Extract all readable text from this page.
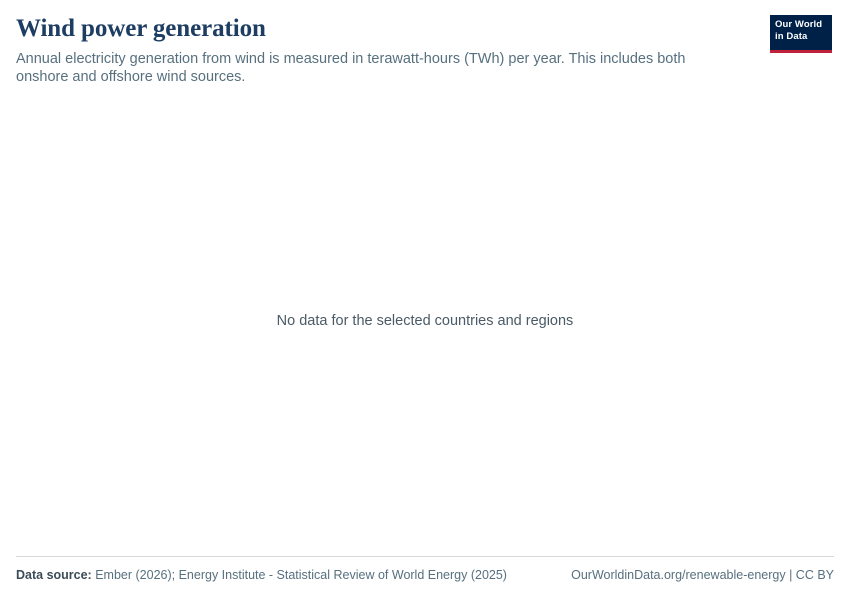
Wind power generation
Annual electricity generation from wind is measured in terawatt-hours (TWh) per year. This includes both onshore and offshore wind sources.
Our World
in Data
No data for the selected countries and regions
Data source: Ember (2026); Energy Institute - Statistical Review of World Energy (2025)	OurWorldinData.org/renewable-energy | CC BY
